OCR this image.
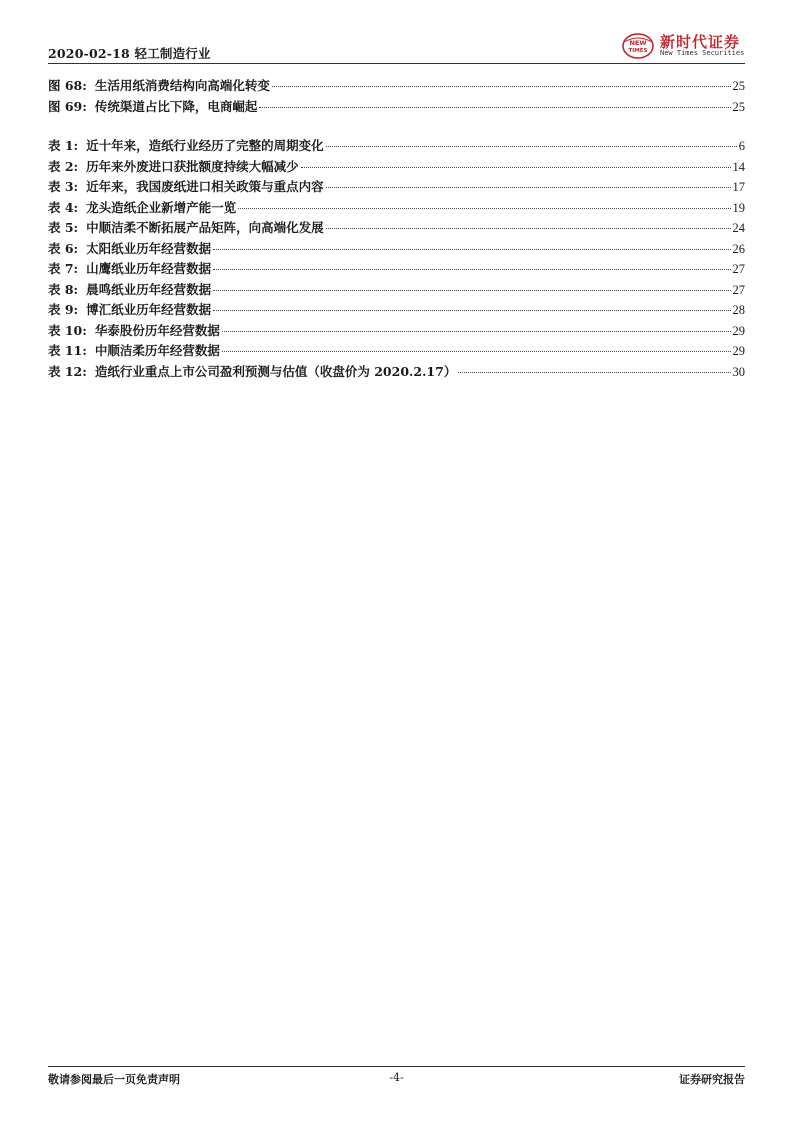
2020-02-18 轻工制造行业
NEW
TIMES 新时代证券
New Times Securities
图 68: 生活用纸消费结构向高端化转变	25
图 69: 传统渠道占比下降，电商崛起	25
表 1: 近十年来，造纸行业经历了完整的周期变化	6
表 2: 历年来外废进口获批额度持续大幅减少	14
表 3: 近年来，我国废纸进口相关政策与重点内容	17
表 4: 龙头造纸企业新增产能一览	19
表 5: 中顺洁柔不断拓展产品矩阵，向高端化发展	24
表 6: 太阳纸业历年经营数据	26
表 7: 山鹰纸业历年经营数据	27
表 8: 晨鸣纸业历年经营数据	27
表 9: 博汇纸业历年经营数据	28
表 10: 华泰股份历年经营数据	29
表 11: 中顺洁柔历年经营数据	29
表 12: 造纸行业重点上市公司盈利预测与估值（收盘价为 2020.2.17）	30
敬请参阅最后一页免责声明	-4-	证券研究报告
